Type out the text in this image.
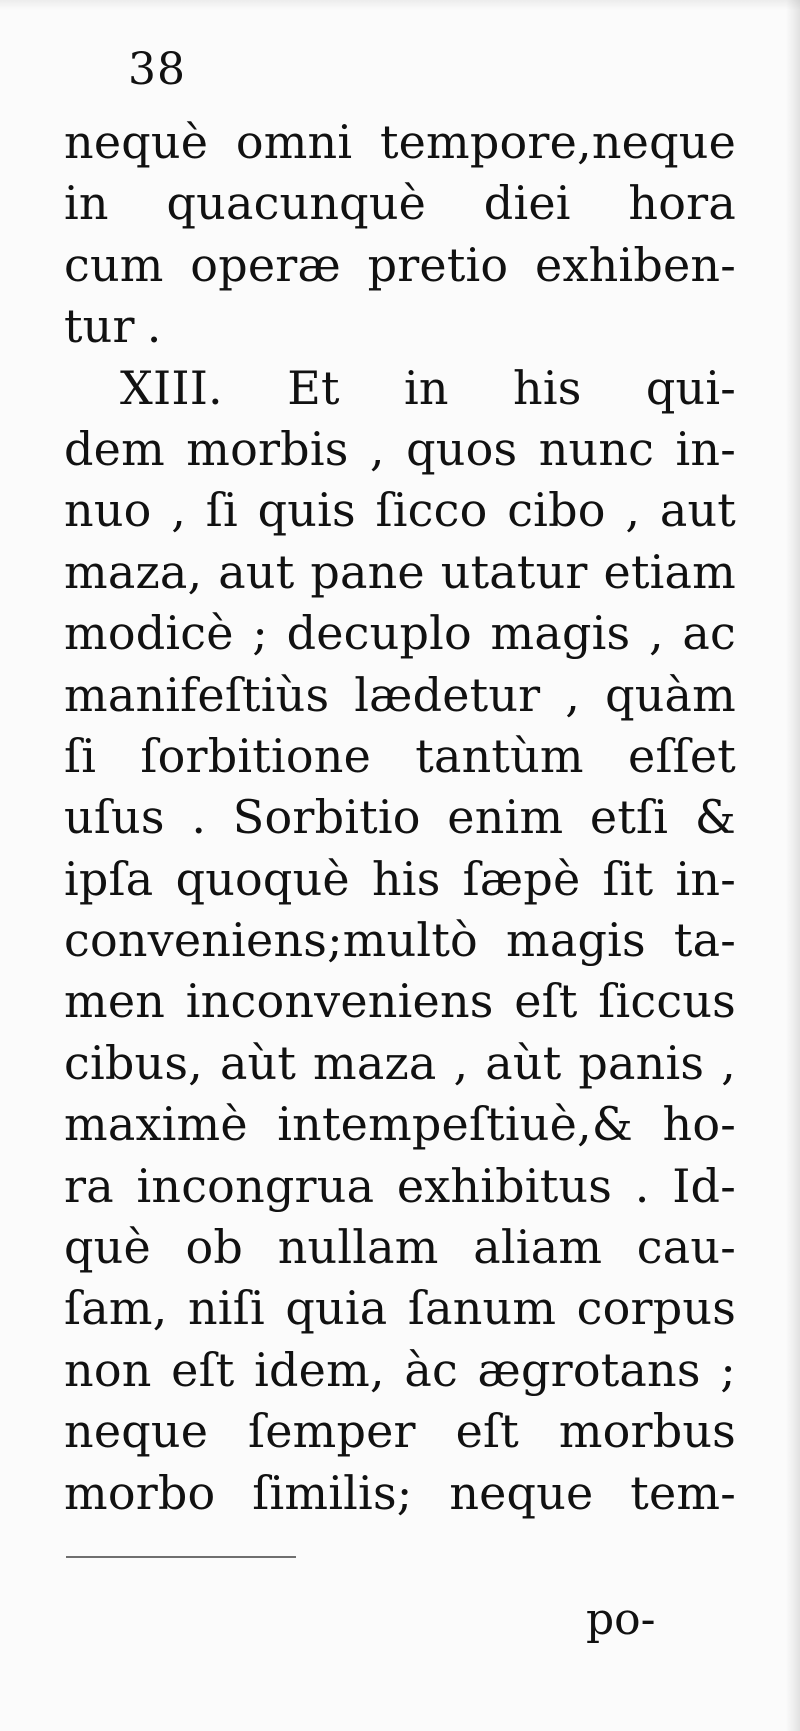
38
nequè omni tempore,neque
in quacunquè diei hora
cum operæ pretio exhiben-
tur .
XIII. Et in his qui-
dem morbis , quos nunc in-
nuo , ſi quis ſicco cibo , aut
maza, aut pane utatur etiam
modicè ; decuplo magis , ac
manifeſtiùs lædetur , quàm
ſi ſorbitione tantùm eſſet
uſus . Sorbitio enim etſi &
ipſa quoquè his ſæpè ſit in-
conveniens;multò magis ta-
men inconveniens eſt ſiccus
cibus, aùt maza , aùt panis ,
maximè intempeſtiuè,& ho-
ra incongrua exhibitus . Id-
què ob nullam aliam cau-
ſam, niſi quia ſanum corpus
non eſt idem, àc ægrotans ;
neque ſemper eſt morbus
morbo ſimilis; neque tem-
po-
